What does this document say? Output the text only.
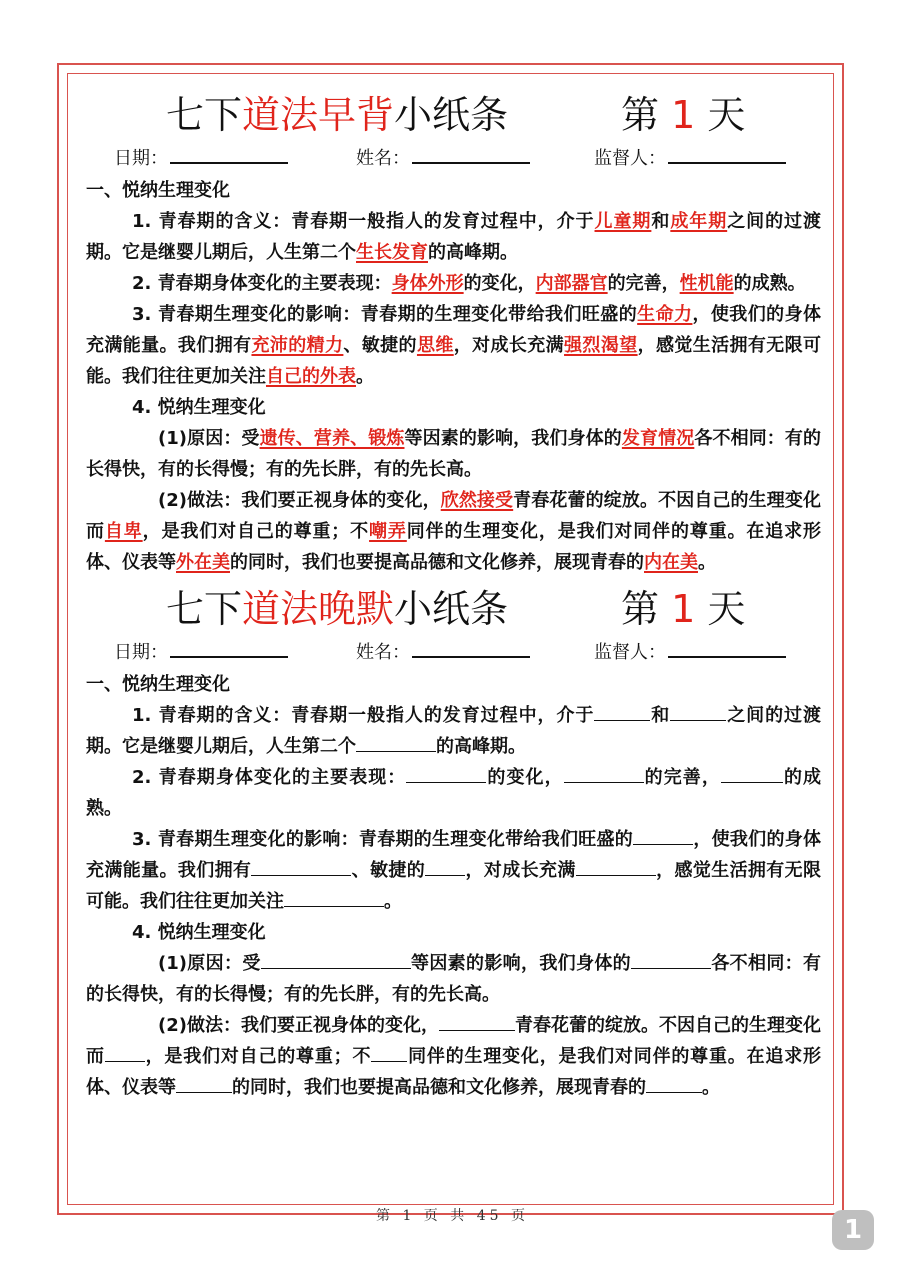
七下道法早背小纸条	第 1 天
日期：	姓名：	监督人：
一、悦纳生理变化

1. 青春期的含义：青春期一般指人的发育过程中，介于儿童期和成年期之间的过渡期。它是继婴儿期后，人生第二个生长发育的高峰期。

2. 青春期身体变化的主要表现：身体外形的变化，内部器官的完善，性机能的成熟。

3. 青春期生理变化的影响：青春期的生理变化带给我们旺盛的生命力，使我们的身体充满能量。我们拥有充沛的精力、敏捷的思维，对成长充满强烈渴望，感觉生活拥有无限可能。我们往往更加关注自己的外表。

4. 悦纳生理变化

(1)原因：受遗传、营养、锻炼等因素的影响，我们身体的发育情况各不相同：有的长得快，有的长得慢；有的先长胖，有的先长高。

(2)做法：我们要正视身体的变化，欣然接受青春花蕾的绽放。不因自己的生理变化而自卑，是我们对自己的尊重；不嘲弄同伴的生理变化，是我们对同伴的尊重。在追求形体、仪表等外在美的同时，我们也要提高品德和文化修养，展现青春的内在美。

七下道法晚默小纸条	第 1 天
日期：	姓名：	监督人：
一、悦纳生理变化

1. 青春期的含义：青春期一般指人的发育过程中，介于	和	之间的过渡期。它是继婴儿期后，人生第二个	的高峰期。

2. 青春期身体变化的主要表现：	的变化，	的完善，	的成熟。

3. 青春期生理变化的影响：青春期的生理变化带给我们旺盛的	，使我们的身体充满能量。我们拥有	、敏捷的 ，对成长充满	，感觉生活拥有无限可能。我们往往更加关注	。

4. 悦纳生理变化

(1)原因：受	等因素的影响，我们身体的	各不相同：有的长得快，有的长得慢；有的先长胖，有的先长高。

(2)做法：我们要正视身体的变化，	青春花蕾的绽放。不因自己的生理变化而 ，是我们对自己的尊重；不 同伴的生理变化，是我们对同伴的尊重。在追求形体、仪表等	的同时，我们也要提高品德和文化修养，展现青春的	。

第 1 页 共 45 页	1
